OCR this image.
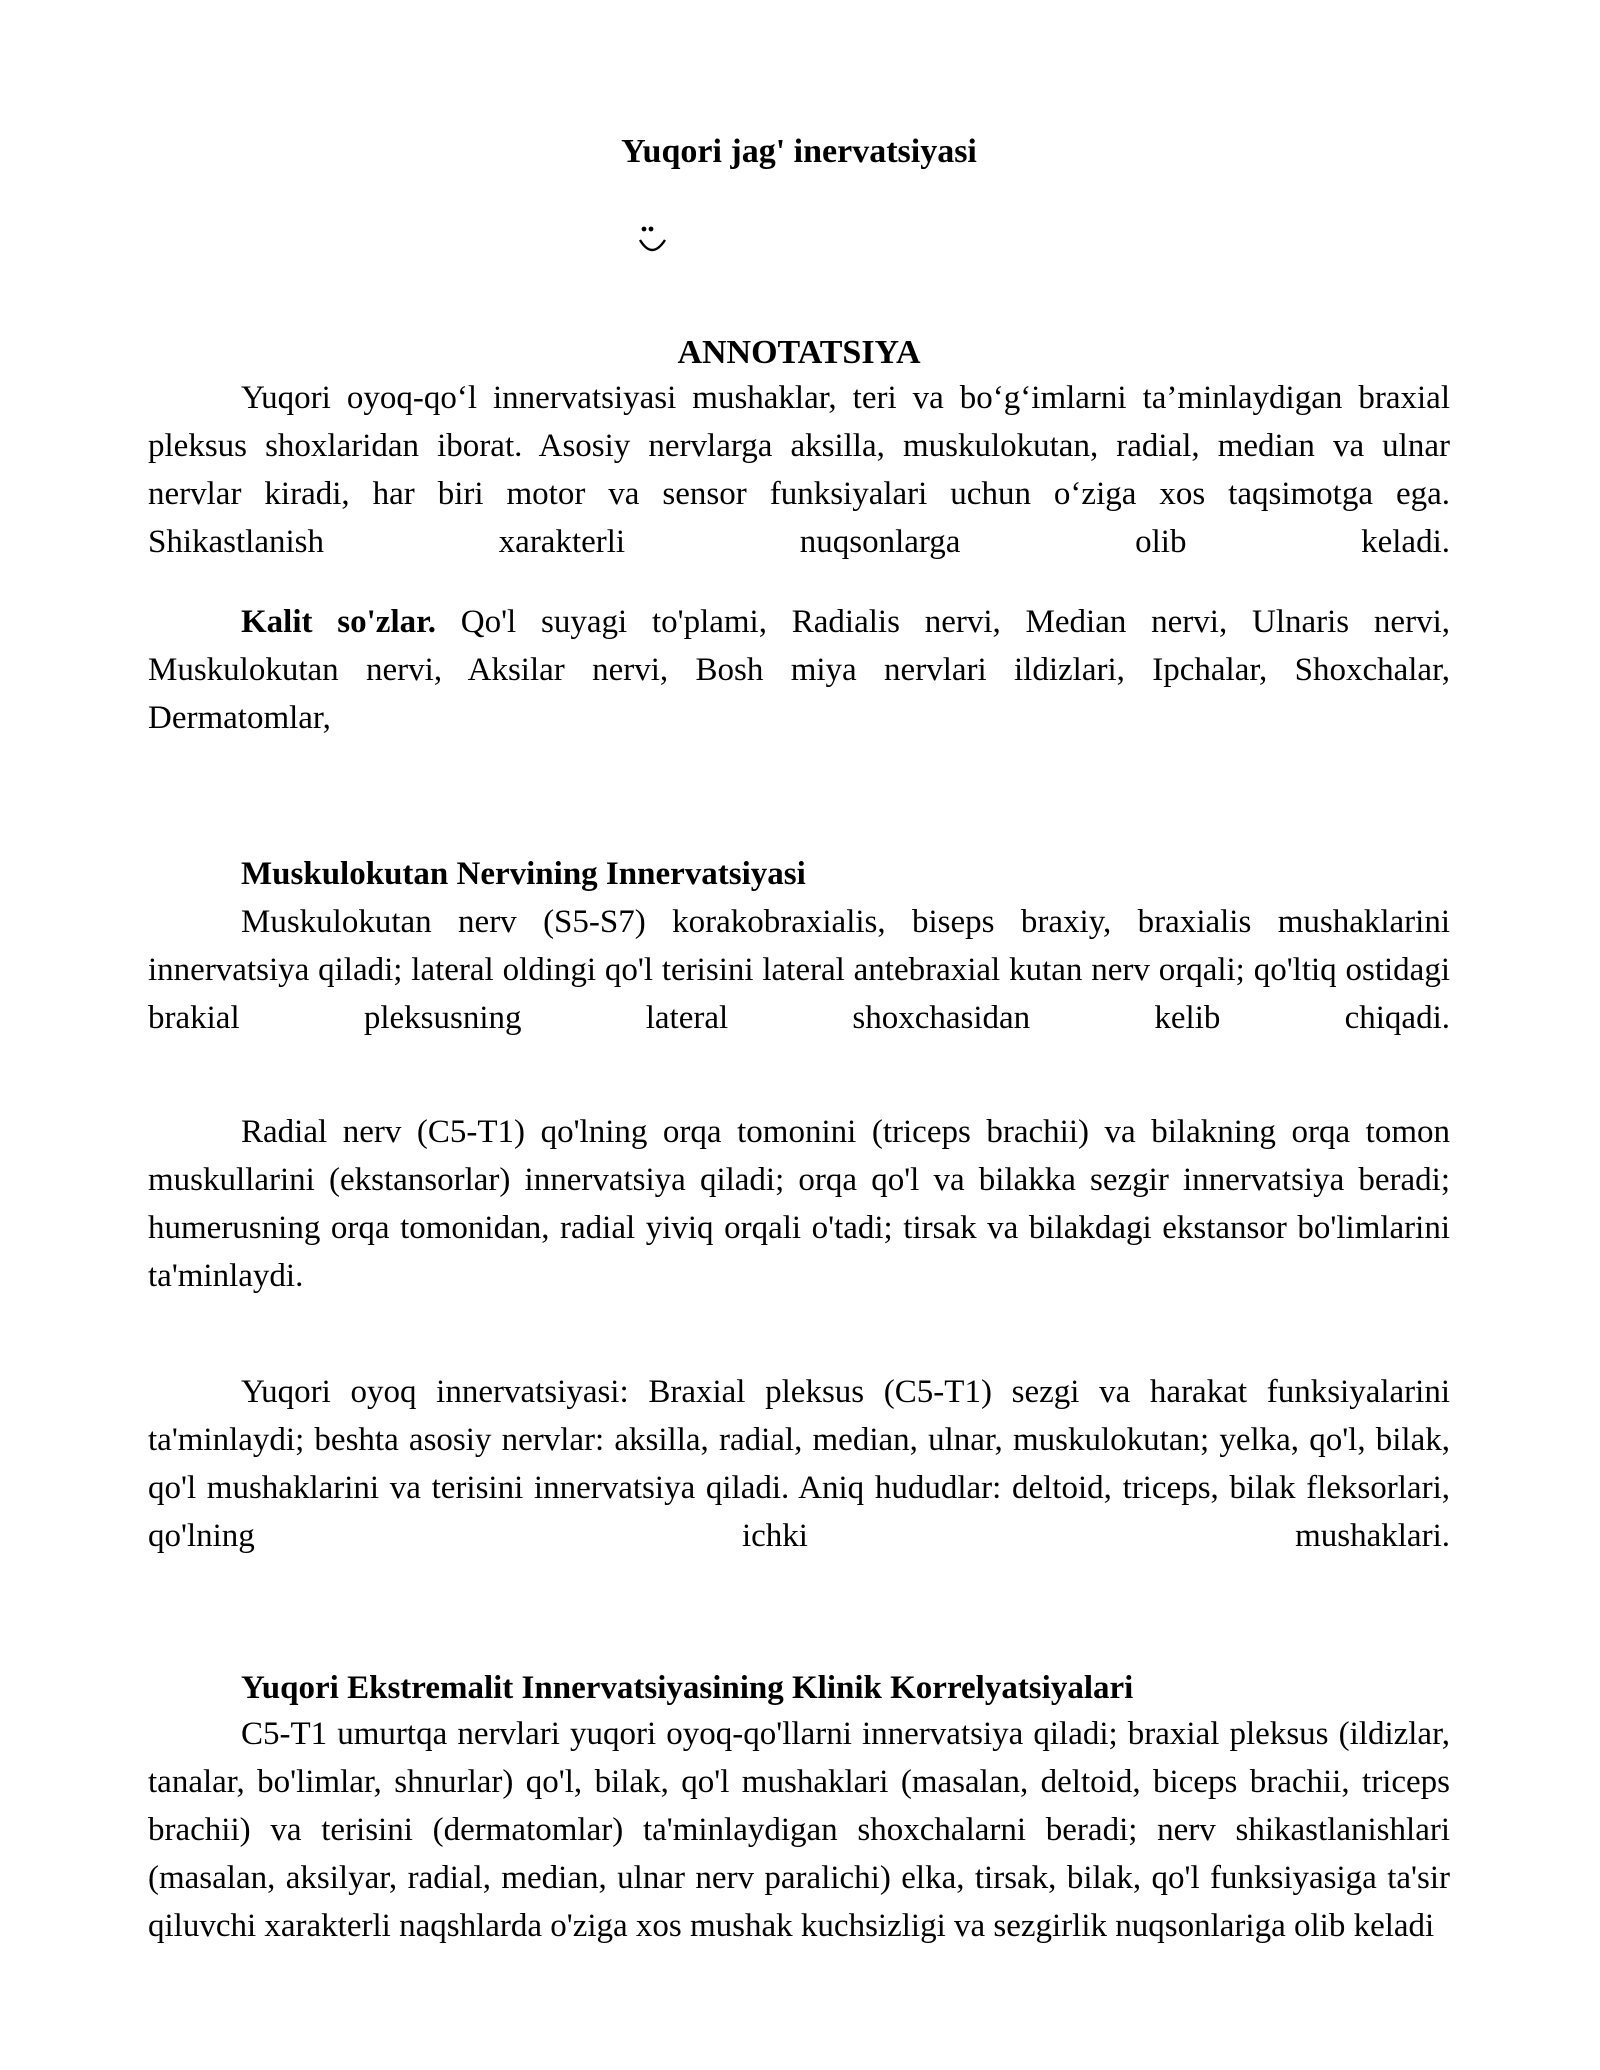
Yuqori jag' inervatsiyasi
ANNOTATSIYA

Yuqori oyoq-qo‘l innervatsiyasi mushaklar, teri va bo‘g‘imlarni ta’minlaydigan braxial pleksus shoxlaridan iborat. Asosiy nervlarga aksilla, muskulokutan, radial, median va ulnar nervlar kiradi, har biri motor va sensor funksiyalari uchun o‘ziga xos taqsimotga ega. Shikastlanish xarakterli nuqsonlarga olib keladi.

Kalit so'zlar. Qo'l suyagi to'plami, Radialis nervi, Median nervi, Ulnaris nervi, Muskulokutan nervi, Aksilar nervi, Bosh miya nervlari ildizlari, Ipchalar, Shoxchalar, Dermatomlar,

Muskulokutan Nervining Innervatsiyasi

Muskulokutan nerv (S5-S7) korakobraxialis, biseps braxiy, braxialis mushaklarini innervatsiya qiladi; lateral oldingi qo'l terisini lateral antebraxial kutan nerv orqali; qo'ltiq ostidagi brakial pleksusning lateral shoxchasidan kelib chiqadi.

Radial nerv (C5-T1) qo'lning orqa tomonini (triceps brachii) va bilakning orqa tomon muskullarini (ekstansorlar) innervatsiya qiladi; orqa qo'l va bilakka sezgir innervatsiya beradi; humerusning orqa tomonidan, radial yiviq orqali o'tadi; tirsak va bilakdagi ekstansor bo'limlarini ta'minlaydi.

Yuqori oyoq innervatsiyasi: Braxial pleksus (C5-T1) sezgi va harakat funksiyalarini ta'minlaydi; beshta asosiy nervlar: aksilla, radial, median, ulnar, muskulokutan; yelka, qo'l, bilak, qo'l mushaklarini va terisini innervatsiya qiladi. Aniq hududlar: deltoid, triceps, bilak fleksorlari, qo'lning ichki mushaklari.

Yuqori Ekstremalit Innervatsiyasining Klinik Korrelyatsiyalari

C5-T1 umurtqa nervlari yuqori oyoq-qo'llarni innervatsiya qiladi; braxial pleksus (ildizlar, tanalar, bo'limlar, shnurlar) qo'l, bilak, qo'l mushaklari (masalan, deltoid, biceps brachii, triceps brachii) va terisini (dermatomlar) ta'minlaydigan shoxchalarni beradi; nerv shikastlanishlari (masalan, aksilyar, radial, median, ulnar nerv paralichi) elka, tirsak, bilak, qo'l funksiyasiga ta'sir qiluvchi xarakterli naqshlarda o'ziga xos mushak kuchsizligi va sezgirlik nuqsonlariga olib keladi
